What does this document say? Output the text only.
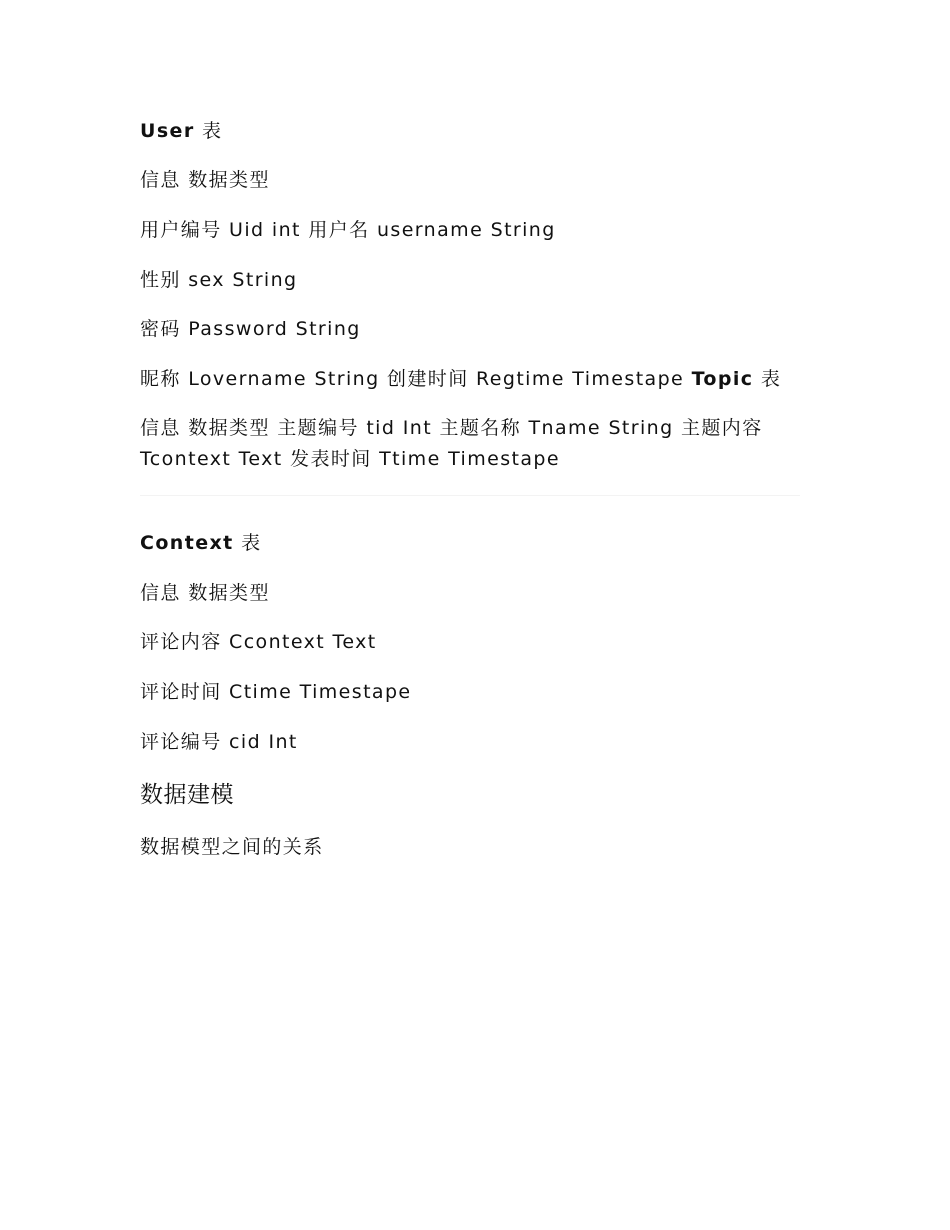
User 表

信息 数据类型

用户编号 Uid int 用户名 username String

性别 sex String

密码 Password String

昵称 Lovername String 创建时间 Regtime Timestape Topic 表

信息 数据类型 主题编号 tid Int 主题名称 Tname String 主题内容 Tcontext Text 发表时间 Ttime Timestape

Context 表

信息 数据类型

评论内容 Ccontext Text

评论时间 Ctime Timestape

评论编号 cid Int

数据建模

数据模型之间的关系
